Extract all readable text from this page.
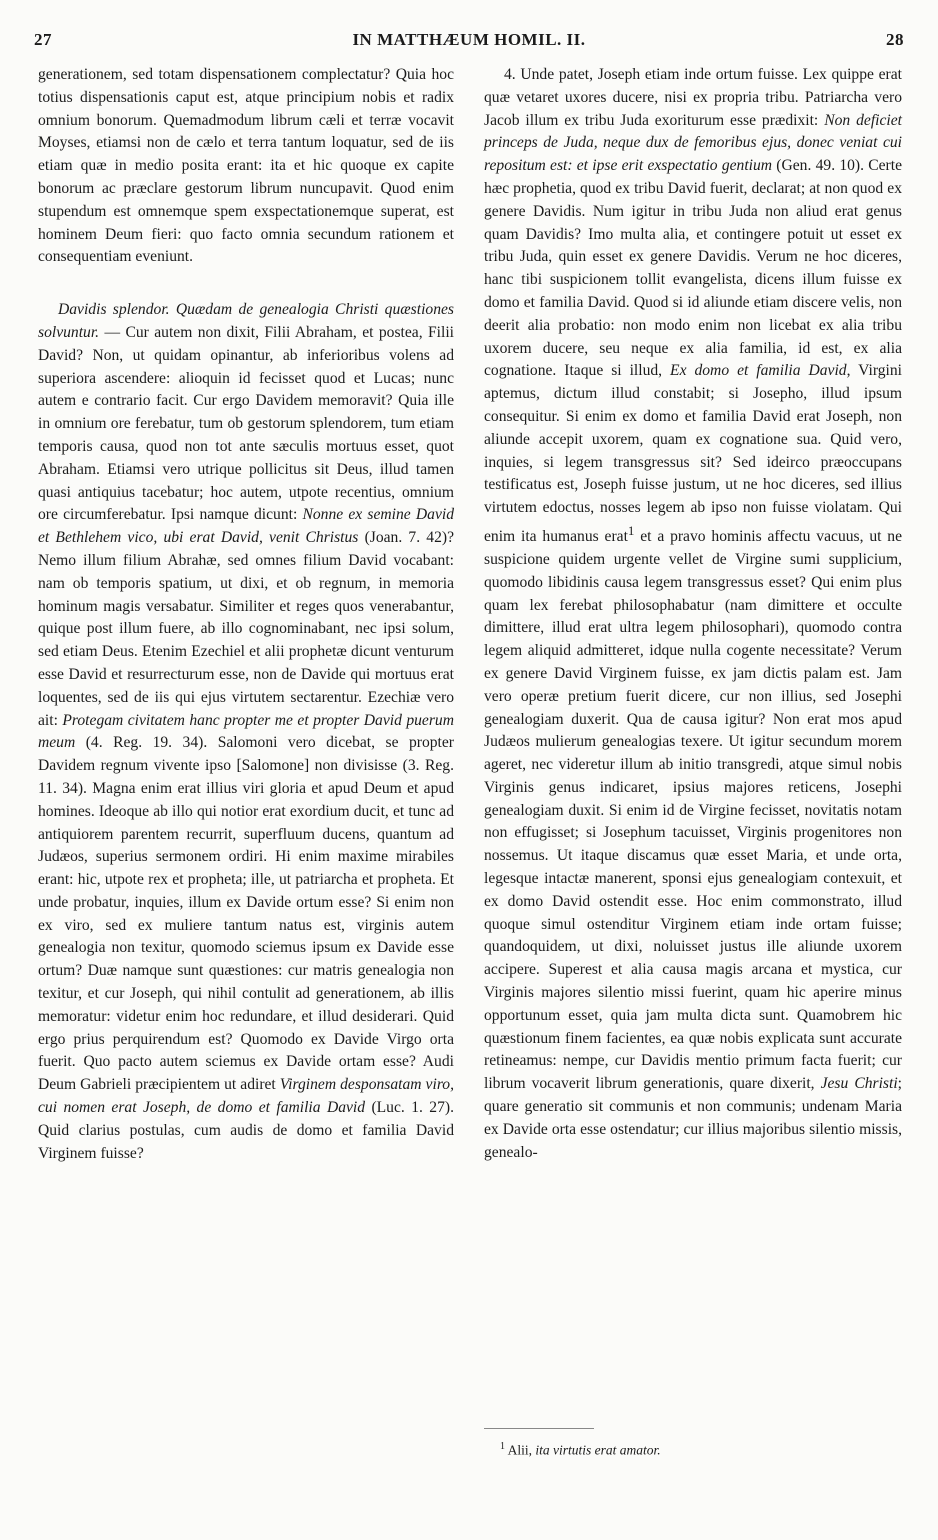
27	IN MATTHÆUM HOMIL. II.	28

generationem, sed totam dispensationem complectatur? Quia hoc totius dispensationis caput est, atque principium nobis et radix omnium bonorum. Quemadmodum librum cæli et terræ vocavit Moyses, etiamsi non de cælo et terra tantum loquatur, sed de iis etiam quæ in medio posita erant: ita et hic quoque ex capite bonorum ac præclare gestorum librum nuncupavit. Quod enim stupendum est omnemque spem exspectationemque superat, est hominem Deum fieri: quo facto omnia secundum rationem et consequentiam eveniunt.

Davidis splendor. Quædam de genealogia Christi quæstiones solvuntur. — Cur autem non dixit, Filii Abraham, et postea, Filii David? Non, ut quidam opinantur, ab inferioribus volens ad superiora ascendere: alioquin id fecisset quod et Lucas; nunc autem e contrario facit. Cur ergo Davidem memoravit? Quia ille in omnium ore ferebatur, tum ob gestorum splendorem, tum etiam temporis causa, quod non tot ante sæculis mortuus esset, quot Abraham. Etiamsi vero utrique pollicitus sit Deus, illud tamen quasi antiquius tacebatur; hoc autem, utpote recentius, omnium ore circumferebatur. Ipsi namque dicunt: Nonne ex semine David et Bethlehem vico, ubi erat David, venit Christus (Joan. 7. 42)? Nemo illum filium Abrahæ, sed omnes filium David vocabant: nam ob temporis spatium, ut dixi, et ob regnum, in memoria hominum magis versabatur. Similiter et reges quos venerabantur, quique post illum fuere, ab illo cognominabant, nec ipsi solum, sed etiam Deus. Etenim Ezechiel et alii prophetæ dicunt venturum esse David et resurrecturum esse, non de Davide qui mortuus erat loquentes, sed de iis qui ejus virtutem sectarentur. Ezechiæ vero ait: Protegam civitatem hanc propter me et propter David puerum meum (4. Reg. 19. 34). Salomoni vero dicebat, se propter Davidem regnum vivente ipso [Salomone] non divisisse (3. Reg. 11. 34). Magna enim erat illius viri gloria et apud Deum et apud homines. Ideoque ab illo qui notior erat exordium ducit, et tunc ad antiquiorem parentem recurrit, superfluum ducens, quantum ad Judæos, superius sermonem ordiri. Hi enim maxime mirabiles erant: hic, utpote rex et propheta; ille, ut patriarcha et propheta. Et unde probatur, inquies, illum ex Davide ortum esse? Si enim non ex viro, sed ex muliere tantum natus est, virginis autem genealogia non texitur, quomodo sciemus ipsum ex Davide esse ortum? Duæ namque sunt quæstiones: cur matris genealogia non texitur, et cur Joseph, qui nihil contulit ad generationem, ab illis memoratur: videtur enim hoc redundare, et illud desiderari. Quid ergo prius perquirendum est? Quomodo ex Davide Virgo orta fuerit. Quo pacto autem sciemus ex Davide ortam esse? Audi Deum Gabrieli præcipientem ut adiret Virginem desponsatam viro, cui nomen erat Joseph, de domo et familia David (Luc. 1. 27). Quid clarius postulas, cum audis de domo et familia David Virginem fuisse?

4. Unde patet, Joseph etiam inde ortum fuisse. Lex quippe erat quæ vetaret uxores ducere, nisi ex propria tribu. Patriarcha vero Jacob illum ex tribu Juda exoriturum esse prædixit: Non deficiet princeps de Juda, neque dux de femoribus ejus, donec veniat cui repositum est: et ipse erit exspectatio gentium (Gen. 49. 10). Certe hæc prophetia, quod ex tribu David fuerit, declarat; at non quod ex genere Davidis. Num igitur in tribu Juda non aliud erat genus quam Davidis? Imo multa alia, et contingere potuit ut esset ex tribu Juda, quin esset ex genere Davidis. Verum ne hoc diceres, hanc tibi suspicionem tollit evangelista, dicens illum fuisse ex domo et familia David. Quod si id aliunde etiam discere velis, non deerit alia probatio: non modo enim non licebat ex alia tribu uxorem ducere, seu neque ex alia familia, id est, ex alia cognatione. Itaque si illud, Ex domo et familia David, Virgini aptemus, dictum illud constabit; si Josepho, illud ipsum consequitur. Si enim ex domo et familia David erat Joseph, non aliunde accepit uxorem, quam ex cognatione sua. Quid vero, inquies, si legem transgressus sit? Sed ideirco præoccupans testificatus est, Joseph fuisse justum, ut ne hoc diceres, sed illius virtutem edoctus, nosses legem ab ipso non fuisse violatam. Qui enim ita humanus erat$^1$ et a pravo hominis affectu vacuus, ut ne suspicione quidem urgente vellet de Virgine sumi supplicium, quomodo libidinis causa legem transgressus esset? Qui enim plus quam lex ferebat philosophabatur (nam dimittere et occulte dimittere, illud erat ultra legem philosophari), quomodo contra legem aliquid admitteret, idque nulla cogente necessitate? Verum ex genere David Virginem fuisse, ex jam dictis palam est. Jam vero operæ pretium fuerit dicere, cur non illius, sed Josephi genealogiam duxerit. Qua de causa igitur? Non erat mos apud Judæos mulierum genealogias texere. Ut igitur secundum morem ageret, nec videretur illum ab initio transgredi, atque simul nobis Virginis genus indicaret, ipsius majores reticens, Josephi genealogiam duxit. Si enim id de Virgine fecisset, novitatis notam non effugisset; si Josephum tacuisset, Virginis progenitores non nossemus. Ut itaque discamus quæ esset Maria, et unde orta, legesque intactæ manerent, sponsi ejus genealogiam contexuit, et ex domo David ostendit esse. Hoc enim commonstrato, illud quoque simul ostenditur Virginem etiam inde ortam fuisse; quandoquidem, ut dixi, noluisset justus ille aliunde uxorem accipere. Superest et alia causa magis arcana et mystica, cur Virginis majores silentio missi fuerint, quam hic aperire minus opportunum esset, quia jam multa dicta sunt. Quamobrem hic quæstionum finem facientes, ea quæ nobis explicata sunt accurate retineamus: nempe, cur Davidis mentio primum facta fuerit; cur librum vocaverit librum generationis, quare dixerit, Jesu Christi; quare generatio sit communis et non communis; undenam Maria ex Davide orta esse ostendatur; cur illius majoribus silentio missis, genealo-

$^1$ Alii, ita virtutis erat amator.
